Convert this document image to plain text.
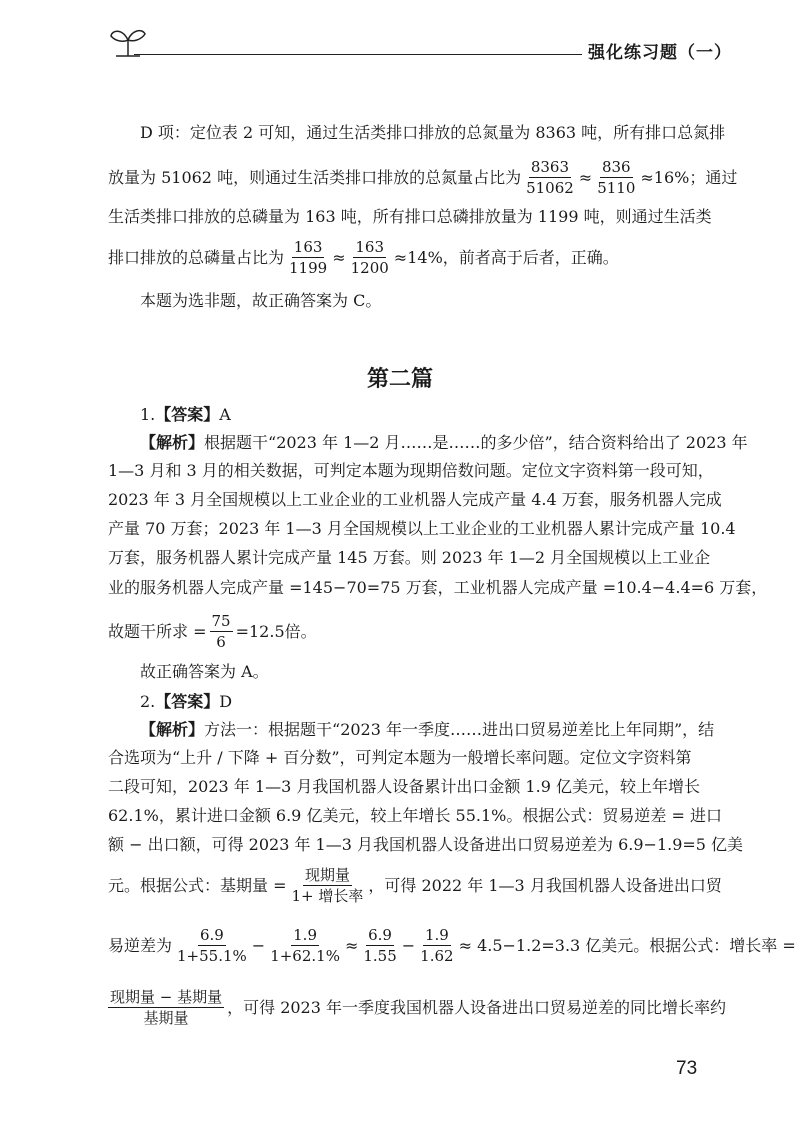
强化练习题（一）
D 项：定位表 2 可知，通过生活类排口排放的总氮量为 8363 吨，所有排口总氮排
放量为 51062 吨，则通过生活类排口排放的总氮量占比为 $\frac{8363}{51062} \approx \frac{836}{5110} \approx 16\%$；通过
生活类排口排放的总磷量为 163 吨，所有排口总磷排放量为 1199 吨，则通过生活类
排口排放的总磷量占比为 $\frac{163}{1199} \approx \frac{163}{1200} \approx 14\%$，前者高于后者，正确。
本题为选非题，故正确答案为 C。
第二篇
1.【答案】A
【解析】根据题干“2023 年 1—2 月……是……的多少倍”，结合资料给出了 2023 年
1—3 月和 3 月的相关数据，可判定本题为现期倍数问题。定位文字资料第一段可知，
2023 年 3 月全国规模以上工业企业的工业机器人完成产量 4.4 万套，服务机器人完成
产量 70 万套；2023 年 1—3 月全国规模以上工业企业的工业机器人累计完成产量 10.4
万套，服务机器人累计完成产量 145 万套。则 2023 年 1—2 月全国规模以上工业企
业的服务机器人完成产量 =145−70=75 万套，工业机器人完成产量 =10.4−4.4=6 万套，
故题干所求 = $\frac{75}{6} =12.5$倍。
故正确答案为 A。
2.【答案】D
【解析】方法一：根据题干“2023 年一季度……进出口贸易逆差比上年同期”，结
合选项为“上升 / 下降 + 百分数”，可判定本题为一般增长率问题。定位文字资料第
二段可知，2023 年 1—3 月我国机器人设备累计出口金额 1.9 亿美元，较上年增长
62.1%，累计进口金额 6.9 亿美元，较上年增长 55.1%。根据公式：贸易逆差 = 进口
额 − 出口额，可得 2023 年 1—3 月我国机器人设备进出口贸易逆差为 6.9−1.9=5 亿美
元。根据公式：基期量 = $\frac{\text{现期量}}{\text{1+ 增长率}}$ ，可得 2022 年 1—3 月我国机器人设备进出口贸
易逆差为 $\frac{6.9}{1+55.1\%} - \frac{1.9}{1+62.1\%} \approx \frac{6.9}{1.55} - \frac{1.9}{1.62} \approx 4.5-1.2=3.3$ 亿美元。根据公式：增长率 =
$\frac{\text{现期量 − 基期量}}{\text{基期量}}$ ，可得 2023 年一季度我国机器人设备进出口贸易逆差的同比增长率约
73
